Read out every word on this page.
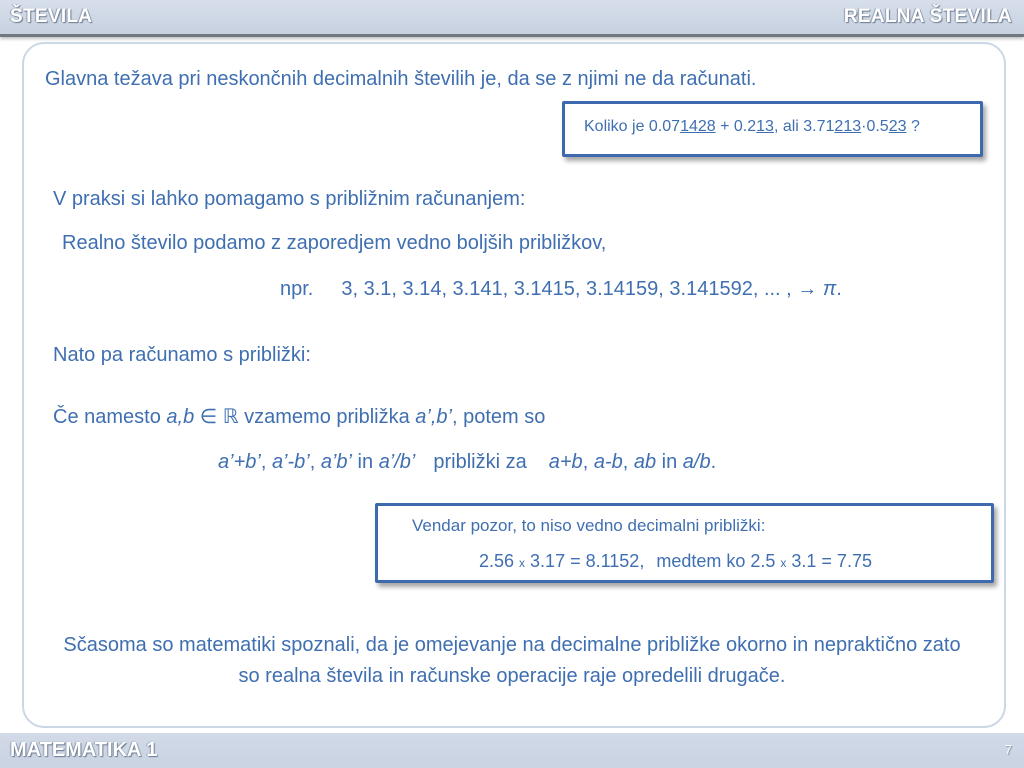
ŠTEVILA	REALNA ŠTEVILA
Glavna težava pri neskončnih decimalnih številih je, da se z njimi ne da računati.
Koliko je 0.071428 + 0.213, ali 3.71213·0.523 ?
V praksi si lahko pomagamo s približnim računanjem:
Realno število podamo z zaporedjem vedno boljših približkov,
npr. 3, 3.1, 3.14, 3.141, 3.1415, 3.14159, 3.141592, ... , → π.
Nato pa računamo s približki:
Če namesto a,b ∈ ℝ vzamemo približka a’,b’, potem so
a’+b’, a’-b’, a’b’ in a’/b’ približki za a+b, a-b, ab in a/b.
Vendar pozor, to niso vedno decimalni približki:
2.56 x 3.17 = 8.1152, medtem ko 2.5 x 3.1 = 7.75
Sčasoma so matematiki spoznali, da je omejevanje na decimalne približke okorno in nepraktično zato so realna števila in računske operacije raje opredelili drugače.
MATEMATIKA 1	7
